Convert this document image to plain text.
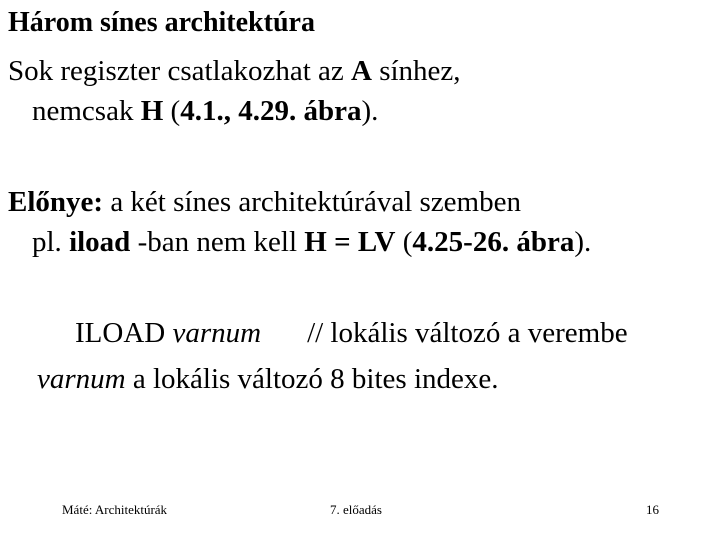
Három sínes architektúra
Sok regiszter csatlakozhat az A sínhez,
nemcsak H (4.1., 4.29. ábra).
Előnye: a két sínes architektúrával szemben
pl. iload -ban nem kell H = LV (4.25-26. ábra).
ILOAD varnum // lokális változó a verembe
varnum a lokális változó 8 bites indexe.
Máté: Architektúrák	7. előadás	16
